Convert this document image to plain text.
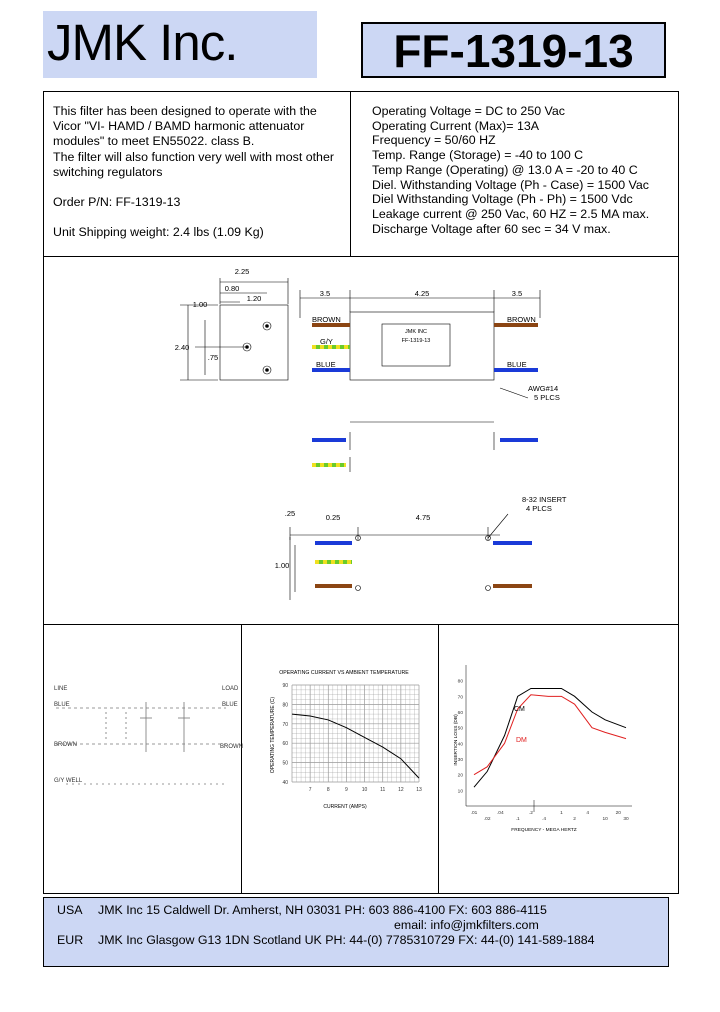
JMK Inc.	FF-1319-13

This filter has been designed to operate with the Vicor "VI- HAMD / BAMD harmonic attenuator modules" to meet EN55022. class B.

The filter will also function very well with most other switching regulators

Order P/N: FF-1319-13

Unit Shipping weight: 2.4 lbs (1.09 Kg)

Operating Voltage = DC to 250 Vac
Operating Current (Max)= 13A
Frequency = 50/60 HZ
Temp. Range (Storage) = -40 to 100 C
Temp Range (Operating) @ 13.0 A = -20 to 40 C
Diel. Withstanding Voltage (Ph - Case) = 1500 Vac
Diel Withstanding Voltage (Ph - Ph) = 1500 Vdc
Leakage current @ 250 Vac, 60 HZ = 2.5 MA max.
Discharge Voltage after 60 sec = 34 V max.
2.25
0.80
1.20
1.00
2.40
.75
3.5	4.25	3.5
BROWN
G/Y
BLUE
BROWN
BLUE
AWG#14
5 PLCS
JMK INC
FF-1319-13
.25	0.25	4.75
1.00
8-32 INSERT
4 PLCS
LINE	LOAD
BLUE	BLUE
BROWN	BROWN
G/Y WELL
OPERATING CURRENT VS AMBIENT TEMPERATURE
7	8	9	10	11	12	13
90
80
70
60
50
40
CURRENT (AMPS)
OPERATING TEMPERATURE (C)
.01
.02
.04
.1
.2
.4
1
2
4
10
20
30
80
70
60
50
40
30
20
10
CM
DM
FREQUENCY - MEGA HERTZ
INSERTION LOSS (DB)
USA JMK Inc 15 Caldwell Dr. Amherst, NH 03031 PH: 603 886-4100 FX: 603 886-4115
email: info@jmkfilters.com
EUR JMK Inc Glasgow G13 1DN Scotland UK PH: 44-(0) 7785310729 FX: 44-(0) 141-589-1884
